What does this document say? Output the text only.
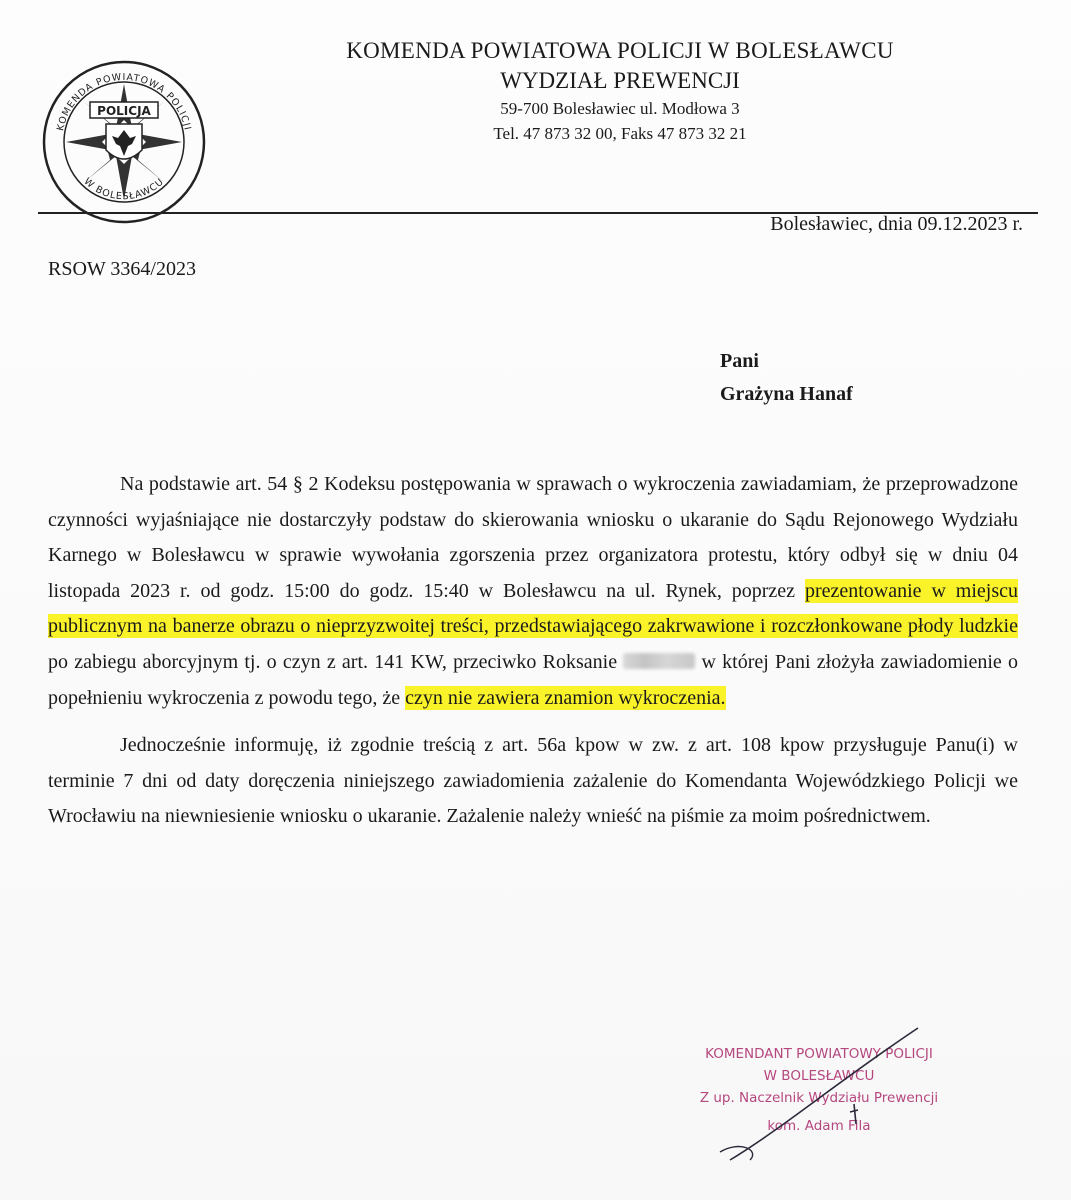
POLICJA
KOMENDA POWIATOWA POLICJI
W BOLESŁAWCU
KOMENDA POWIATOWA POLICJI W BOLESŁAWCU
WYDZIAŁ PREWENCJI
59-700 Bolesławiec ul. Modłowa 3
Tel. 47 873 32 00, Faks 47 873 32 21
Bolesławiec, dnia 09.12.2023 r.
RSOW 3364/2023
Pani
Grażyna Hanaf

Na podstawie art. 54 § 2 Kodeksu postępowania w sprawach o wykroczenia zawiadamiam, że przeprowadzone czynności wyjaśniające nie dostarczyły podstaw do skierowania wniosku o ukaranie do Sądu Rejonowego Wydziału Karnego w Bolesławcu w sprawie wywołania zgorszenia przez organizatora protestu, który odbył się w dniu 04 listopada 2023 r. od godz. 15:00 do godz. 15:40 w Bolesławcu na ul. Rynek, poprzez prezentowanie w miejscu publicznym na banerze obrazu o nieprzyzwoitej treści, przedstawiającego zakrwawione i rozczłonkowane płody ludzkie po zabiegu aborcyjnym tj. o czyn z art. 141 KW, przeciwko Roksanie	w której Pani złożyła zawiadomienie o popełnieniu wykroczenia z powodu tego, że czyn nie zawiera znamion wykroczenia.

Jednocześnie informuję, iż zgodnie treścią z art. 56a kpow w zw. z art. 108 kpow przysługuje Panu(i) w terminie 7 dni od daty doręczenia niniejszego zawiadomienia zażalenie do Komendanta Wojewódzkiego Policji we Wrocławiu na niewniesienie wniosku o ukaranie. Zażalenie należy wnieść na piśmie za moim pośrednictwem.

KOMENDANT POWIATOWY POLICJI
W BOLESŁAWCU
Z up. Naczelnik Wydziału Prewencji
kom. Adam Fila
